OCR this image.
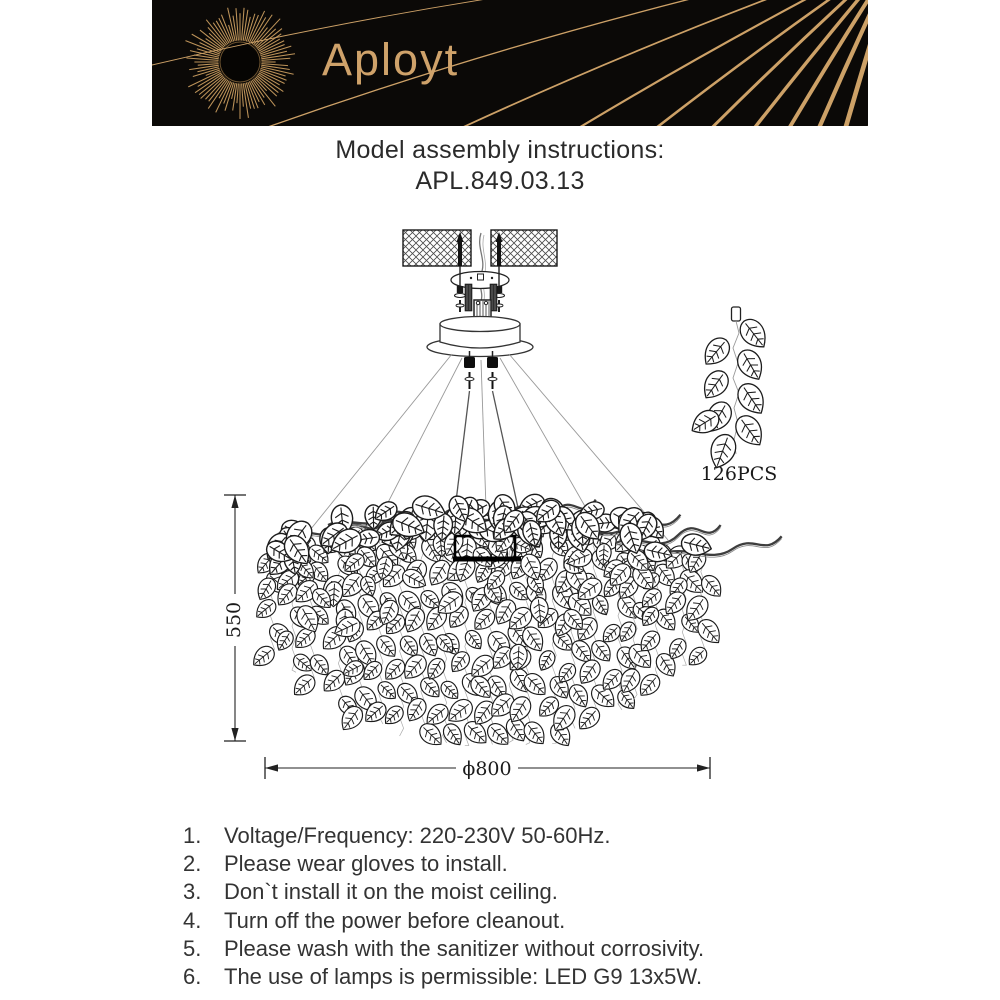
Aployt
Model assembly instructions:
APL.849.03.13
550
ϕ800
126PCS
1.	Voltage/Frequency: 220-230V 50-60Hz.
2.	Please wear gloves to install.
3.	Don`t install it on the moist ceiling.
4.	Turn off the power before cleanout.
5.	Please wash with the sanitizer without corrosivity.
6.	The use of lamps is permissible: LED G9 13x5W.
